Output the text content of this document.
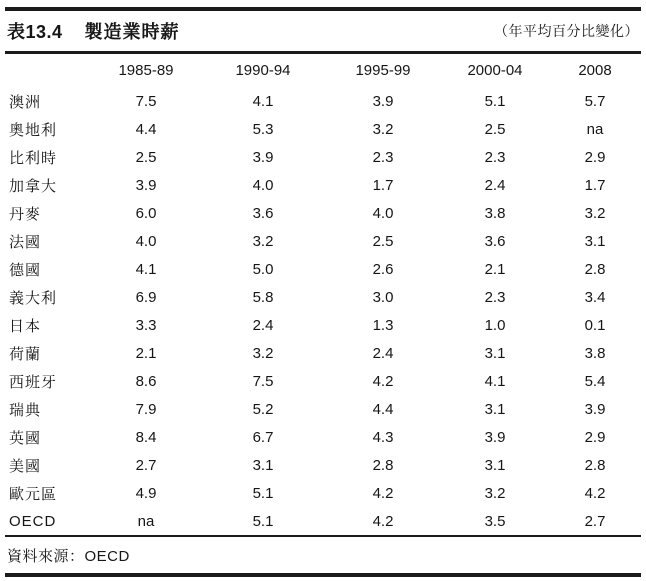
表13.4 製造業時薪	（年平均百分比變化）
	1985-89	1990-94	1995-99	2000-04	2008
澳洲	7.5	4.1	3.9	5.1	5.7
奧地利	4.4	5.3	3.2	2.5	na
比利時	2.5	3.9	2.3	2.3	2.9
加拿大	3.9	4.0	1.7	2.4	1.7
丹麥	6.0	3.6	4.0	3.8	3.2
法國	4.0	3.2	2.5	3.6	3.1
德國	4.1	5.0	2.6	2.1	2.8
義大利	6.9	5.8	3.0	2.3	3.4
日本	3.3	2.4	1.3	1.0	0.1
荷蘭	2.1	3.2	2.4	3.1	3.8
西班牙	8.6	7.5	4.2	4.1	5.4
瑞典	7.9	5.2	4.4	3.1	3.9
英國	8.4	6.7	4.3	3.9	2.9
美國	2.7	3.1	2.8	3.1	2.8
歐元區	4.9	5.1	4.2	3.2	4.2
OECD	na	5.1	4.2	3.5	2.7
資料來源：OECD
